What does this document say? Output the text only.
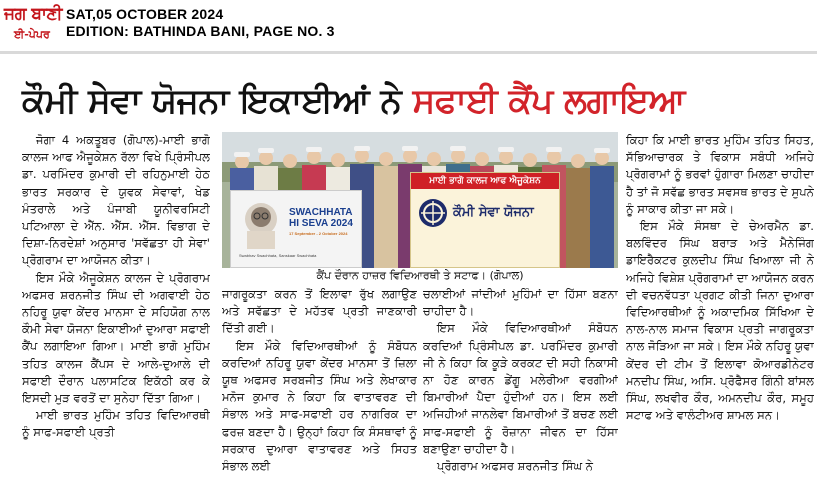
ਜਗ ਬਾਣੀ
ਈ-ਪੇਪਰ
SAT,05 OCTOBER 2024
EDITION: BATHINDA BANI, PAGE NO. 3
ਕੌਮੀ ਸੇਵਾ ਯੋਜਨਾ ਇਕਾਈਆਂ ਨੇ ਸਫਾਈ ਕੈਂਪ ਲਗਾਇਆ

ਜੋਗਾ 4 ਅਕਤੂਬਰ (ਗੋਪਾਲ)-ਮਾਈ ਭਾਗੋ ਕਾਲਜ ਆਫ ਐਜੂਕੇਸ਼ਨ ਰੱਲਾ ਵਿਖੇ ਪ੍ਰਿੰਸੀਪਲ ਡਾ. ਪਰਮਿੰਦਰ ਕੁਮਾਰੀ ਦੀ ਰਹਿਨੁਮਾਈ ਹੇਠ ਭਾਰਤ ਸਰਕਾਰ ਦੇ ਯੁਵਕ ਸੇਵਾਵਾਂ, ਖੇਡ ਮੰਤਰਾਲੇ ਅਤੇ ਪੰਜਾਬੀ ਯੂਨੀਵਰਸਿਟੀ ਪਟਿਆਲਾ ਦੇ ਐੱਨ. ਐੱਸ. ਐੱਸ. ਵਿਭਾਗ ਦੇ ਦਿਸ਼ਾ-ਨਿਰਦੇਸ਼ਾਂ ਅਨੁਸਾਰ 'ਸਵੱਛਤਾ ਹੀ ਸੇਵਾ' ਪ੍ਰੋਗਰਾਮ ਦਾ ਆਯੋਜਨ ਕੀਤਾ।

ਇਸ ਮੌਕੇ ਐਜੂਕੇਸ਼ਨ ਕਾਲਜ ਦੇ ਪ੍ਰੋਗਰਾਮ ਅਫਸਰ ਸ਼ਰਨਜੀਤ ਸਿੰਘ ਦੀ ਅਗਵਾਈ ਹੇਠ ਨਹਿਰੂ ਯੁਵਾ ਕੇਂਦਰ ਮਾਨਸਾ ਦੇ ਸਹਿਯੋਗ ਨਾਲ ਕੌਮੀ ਸੇਵਾ ਯੋਜਨਾ ਇਕਾਈਆਂ ਦੁਆਰਾ ਸਫਾਈ ਕੈਂਪ ਲਗਾਇਆ ਗਿਆ। ਮਾਈ ਭਾਗੋ ਮੁਹਿੰਮ ਤਹਿਤ ਕਾਲਜ ਕੈਂਪਸ ਦੇ ਆਲੇ-ਦੁਆਲੇ ਦੀ ਸਫਾਈ ਦੌਰਾਨ ਪਲਾਸਟਿਕ ਇਕੱਠੀ ਕਰ ਕੇ ਇਸਦੀ ਮੁੜ ਵਰਤੋਂ ਦਾ ਸੁਨੇਹਾ ਦਿੱਤਾ ਗਿਆ।

ਮਾਈ ਭਾਰਤ ਮੁਹਿੰਮ ਤਹਿਤ ਵਿਦਿਆਰਥੀ ਨੂੰ ਸਾਫ-ਸਫਾਈ ਪ੍ਰਤੀ

SWACHHATA HI SEVA 2024
17 September - 2 October 2024
Swabhav Swachhata, Sanskaar Swachhata
ਮਾਈ ਭਾਗੋ ਕਾਲਜ ਆਫ ਐਜੂਕੇਸ਼ਨ
ਕੌਮੀ ਸੇਵਾ ਯੋਜਨਾ
ਕੈਂਪ ਦੌਰਾਨ ਹਾਜ਼ਰ ਵਿਦਿਆਰਥੀ ਤੇ ਸਟਾਫ। (ਗੋਪਾਲ)

ਜਾਗਰੂਕਤਾ ਕਰਨ ਤੋਂ ਇਲਾਵਾ ਰੁੱਖ ਲਗਾਉਣ ਅਤੇ ਸਵੱਛਤਾ ਦੇ ਮਹੱਤਵ ਪ੍ਰਤੀ ਜਾਣਕਾਰੀ ਦਿੱਤੀ ਗਈ।

ਇਸ ਮੌਕੇ ਵਿਦਿਆਰਥੀਆਂ ਨੂੰ ਸੰਬੋਧਨ ਕਰਦਿਆਂ ਨਹਿਰੂ ਯੁਵਾ ਕੇਂਦਰ ਮਾਨਸਾ ਤੋਂ ਜ਼ਿਲਾ ਯੂਥ ਅਫਸਰ ਸਰਬਜੀਤ ਸਿੰਘ ਅਤੇ ਲੇਖਾਕਾਰ ਮਨੋਜ ਕੁਮਾਰ ਨੇ ਕਿਹਾ ਕਿ ਵਾਤਾਵਰਣ ਦੀ ਸੰਭਾਲ ਅਤੇ ਸਾਫ-ਸਫਾਈ ਹਰ ਨਾਗਰਿਕ ਦਾ ਫਰਜ਼ ਬਣਦਾ ਹੈ। ਉਨ੍ਹਾਂ ਕਿਹਾ ਕਿ ਸੰਸਥਾਵਾਂ ਨੂੰ ਸਰਕਾਰ ਦੁਆਰਾ ਵਾਤਾਵਰਣ ਅਤੇ ਸਿਹਤ ਸੰਭਾਲ ਲਈ

ਚਲਾਈਆਂ ਜਾਂਦੀਆਂ ਮੁਹਿੰਮਾਂ ਦਾ ਹਿੱਸਾ ਬਣਨਾ ਚਾਹੀਦਾ ਹੈ।

ਇਸ ਮੌਕੇ ਵਿਦਿਆਰਥੀਆਂ ਸੰਬੋਧਨ ਕਰਦਿਆਂ ਪ੍ਰਿੰਸੀਪਲ ਡਾ. ਪਰਮਿੰਦਰ ਕੁਮਾਰੀ ਜੀ ਨੇ ਕਿਹਾ ਕਿ ਕੂੜੇ ਕਰਕਟ ਦੀ ਸਹੀ ਨਿਕਾਸੀ ਨਾ ਹੋਣ ਕਾਰਨ ਡੇਂਗੂ ਮਲੇਰੀਆ ਵਰਗੀਆਂ ਬਿਮਾਰੀਆਂ ਪੈਦਾ ਹੁੰਦੀਆਂ ਹਨ। ਇਸ ਲਈ ਅਜਿਹੀਆਂ ਜਾਨਲੇਵਾ ਬਿਮਾਰੀਆਂ ਤੋਂ ਬਚਣ ਲਈ ਸਾਫ-ਸਫਾਈ ਨੂੰ ਰੋਜ਼ਾਨਾ ਜੀਵਨ ਦਾ ਹਿੱਸਾ ਬਣਾਉਣਾ ਚਾਹੀਦਾ ਹੈ।

ਪ੍ਰੋਗਰਾਮ ਅਫਸਰ ਸ਼ਰਨਜੀਤ ਸਿੰਘ ਨੇ

ਕਿਹਾ ਕਿ ਮਾਈ ਭਾਰਤ ਮੁਹਿੰਮ ਤਹਿਤ ਸਿਹਤ, ਸੱਭਿਆਚਾਰਕ ਤੇ ਵਿਕਾਸ ਸਬੰਧੀ ਅਜਿਹੇ ਪ੍ਰੋਗਰਾਮਾਂ ਨੂੰ ਭਰਵਾਂ ਹੁੰਗਾਰਾ ਮਿਲਣਾ ਚਾਹੀਦਾ ਹੈ ਤਾਂ ਜੋ ਸਵੱਛ ਭਾਰਤ ਸਵਸਥ ਭਾਰਤ ਦੇ ਸੁਪਨੇ ਨੂੰ ਸਾਕਾਰ ਕੀਤਾ ਜਾ ਸਕੇ।

ਇਸ ਮੌਕੇ ਸੰਸਥਾ ਦੇ ਚੇਅਰਮੈਨ ਡਾ. ਬਲਵਿੰਦਰ ਸਿੰਘ ਬਰਾੜ ਅਤੇ ਮੈਨੇਜਿੰਗ ਡਾਇਰੈਕਟਰ ਕੁਲਦੀਪ ਸਿੰਘ ਖਿਆਲਾ ਜੀ ਨੇ ਅਜਿਹੇ ਵਿਸ਼ੇਸ਼ ਪ੍ਰੋਗਰਾਮਾਂ ਦਾ ਆਯੋਜਨ ਕਰਨ ਦੀ ਵਚਨਵੱਧਤਾ ਪ੍ਰਗਟ ਕੀਤੀ ਜਿਨਾ ਦੁਆਰਾ ਵਿਦਿਆਰਥੀਆਂ ਨੂੰ ਅਕਾਦਮਿਕ ਸਿੱਖਿਆ ਦੇ ਨਾਲ-ਨਾਲ ਸਮਾਜ ਵਿਕਾਸ ਪ੍ਰਤੀ ਜਾਗਰੂਕਤਾ ਨਾਲ ਜੋੜਿਆ ਜਾ ਸਕੇ। ਇਸ ਮੌਕੇ ਨਹਿਰੂ ਯੁਵਾ ਕੇਂਦਰ ਦੀ ਟੀਮ ਤੋਂ ਇਲਾਵਾ ਕੋਆਰਡੀਨੇਟਰ ਮਨਦੀਪ ਸਿੰਘ, ਅਸਿ. ਪ੍ਰੋਫੈਸਰ ਗਿੰਨੀ ਬਾਂਸਲ ਸਿੰਘ, ਲਖਵੀਰ ਕੌਰ, ਅਮਨਦੀਪ ਕੌਰ, ਸਮੂਹ ਸਟਾਫ ਅਤੇ ਵਾਲੰਟੀਅਰ ਸ਼ਾਮਲ ਸਨ।
